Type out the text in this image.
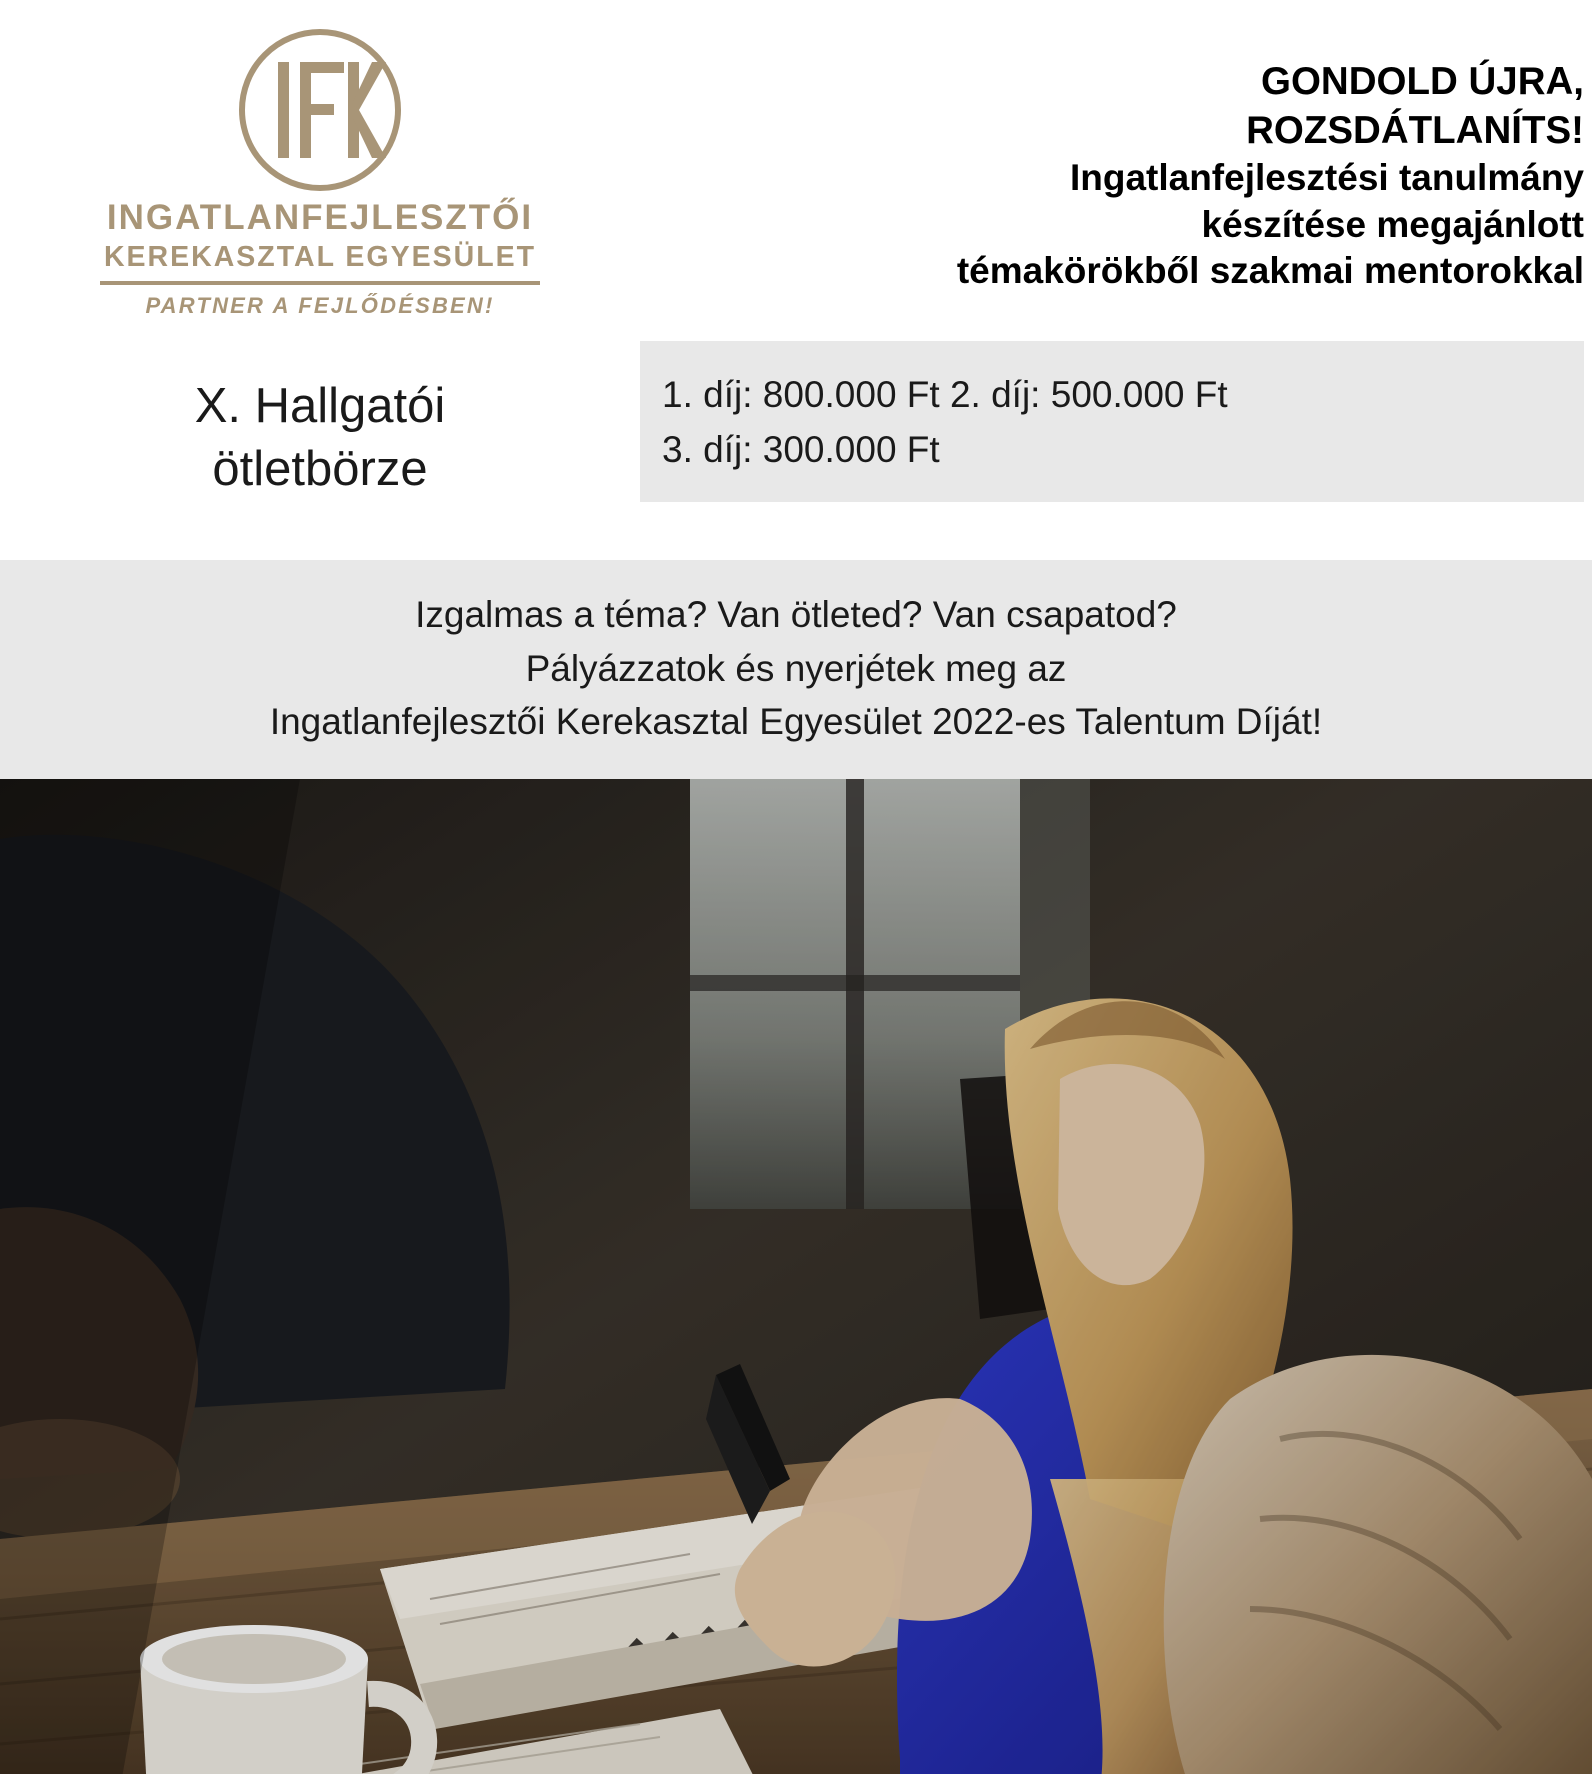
INGATLANFEJLESZTŐI
KEREKASZTAL EGYESÜLET
PARTNER A FEJLŐDÉSBEN!
X. Hallgatói
ötletbörze
GONDOLD ÚJRA,
ROZSDÁTLANÍTS!
Ingatlanfejlesztési tanulmány
készítése megajánlott
témakörökből szakmai mentorokkal
1. díj: 800.000 Ft 2. díj: 500.000 Ft
3. díj: 300.000 Ft
Izgalmas a téma? Van ötleted? Van csapatod?
Pályázzatok és nyerjétek meg az
Ingatlanfejlesztői Kerekasztal Egyesület 2022-es Talentum Díját!
